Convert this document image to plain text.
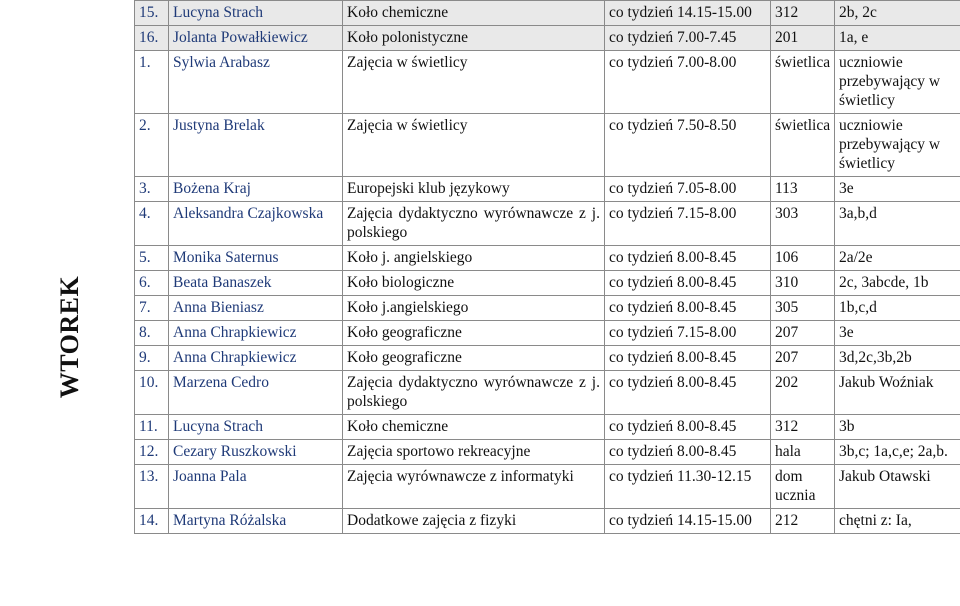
WTOREK
15.	Lucyna Strach	Koło chemiczne	co tydzień 14.15-15.00	312	2b, 2c
16.	Jolanta Powałkiewicz	Koło polonistyczne	co tydzień 7.00-7.45	201	1a, e
1.	Sylwia Arabasz	Zajęcia w świetlicy	co tydzień 7.00-8.00	świetlica	uczniowie przebywający w świetlicy
2.	Justyna Brelak	Zajęcia w świetlicy	co tydzień 7.50-8.50	świetlica	uczniowie przebywający w świetlicy
3.	Bożena Kraj	Europejski klub językowy	co tydzień 7.05-8.00	113	3e
4.	Aleksandra Czajkowska	Zajęcia dydaktyczno wyrównawcze z j. polskiego	co tydzień 7.15-8.00	303	3a,b,d
5.	Monika Saternus	Koło j. angielskiego	co tydzień 8.00-8.45	106	2a/2e
6.	Beata Banaszek	Koło biologiczne	co tydzień 8.00-8.45	310	2c, 3abcde, 1b
7.	Anna Bieniasz	Koło j.angielskiego	co tydzień 8.00-8.45	305	1b,c,d
8.	Anna Chrapkiewicz	Koło geograficzne	co tydzień 7.15-8.00	207	3e
9.	Anna Chrapkiewicz	Koło geograficzne	co tydzień 8.00-8.45	207	3d,2c,3b,2b
10.	Marzena Cedro	Zajęcia dydaktyczno wyrównawcze z j. polskiego	co tydzień 8.00-8.45	202	Jakub Woźniak
11.	Lucyna Strach	Koło chemiczne	co tydzień 8.00-8.45	312	3b
12.	Cezary Ruszkowski	Zajęcia sportowo rekreacyjne	co tydzień 8.00-8.45	hala	3b,c; 1a,c,e; 2a,b.
13.	Joanna Pala	Zajęcia wyrównawcze z informatyki	co tydzień 11.30-12.15	dom ucznia	Jakub Otawski
14.	Martyna Różalska	Dodatkowe zajęcia z fizyki	co tydzień 14.15-15.00	212	chętni z: Ia,
